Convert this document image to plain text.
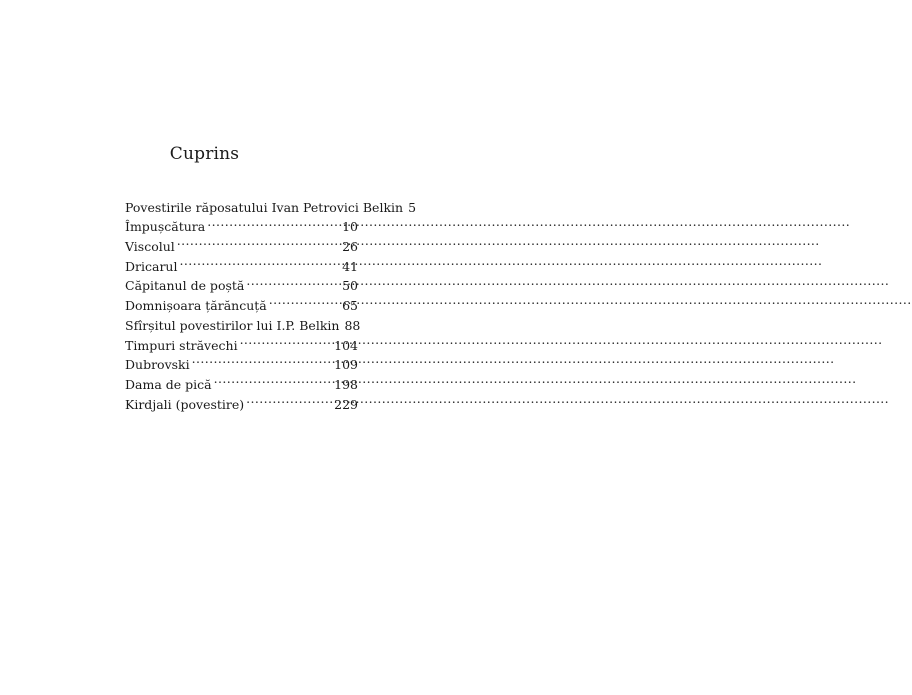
Cuprins
Povestirile răposatului Ivan Petrovici Belkin 5
Împușcătura .....	10
Viscolul .....	26
Dricarul .....	41
Căpitanul de poștă .....	50
Domnișoara țărăncuță .....	65
Sfîrșitul povestirilor lui I.P. Belkin 88
Timpuri străvechi .....	104
Dubrovski .....	109
Dama de pică .....	198
Kirdjali (povestire) .....	229
